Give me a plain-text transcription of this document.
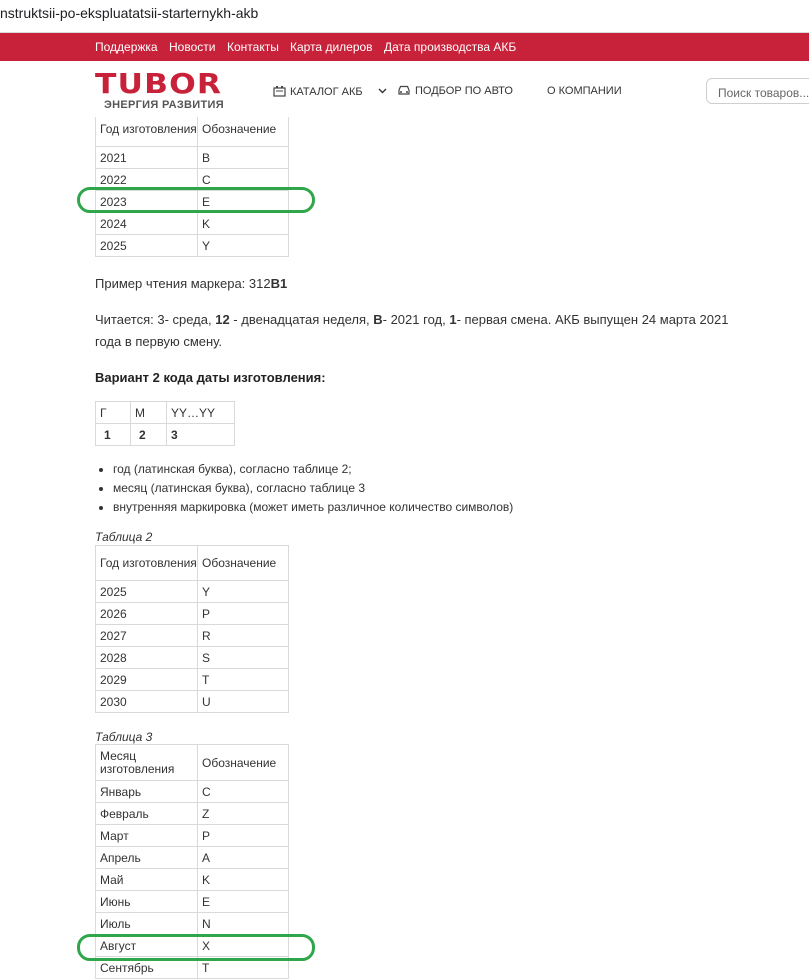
nstruktsii-po-ekspluatatsii-starternykh-akb
Поддержка Новости Контакты Карта дилеров Дата производства АКБ
TUBOR
ЭНЕРГИЯ РАЗВИТИЯ
КАТАЛОГ АКБ	ПОДБОР ПО АВТО	О КОМПАНИИ
Поиск товаров...
Год изготовления	Обозначение
2021	B
2022	C
2023	E
2024	K
2025	Y
Пример чтения маркера: 312B1
Читается: 3- среда, 12 - двенадцатая неделя, B- 2021 год, 1- первая смена. АКБ выпущен 24 марта 2021
года в первую смену.
Вариант 2 кода даты изготовления:
Г	М	YY…YY
1	2	3
• год (латинская буква), согласно таблице 2;
• месяц (латинская буква), согласно таблице 3
• внутренняя маркировка (может иметь различное количество символов)
Таблица 2
Год изготовления	Обозначение
2025	Y
2026	P
2027	R
2028	S
2029	T
2030	U
Таблица 3
Месяц изготовления	Обозначение
Январь	C
Февраль	Z
Март	P
Апрель	A
Май	K
Июнь	E
Июль	N
Август	X
Сентябрь	T
